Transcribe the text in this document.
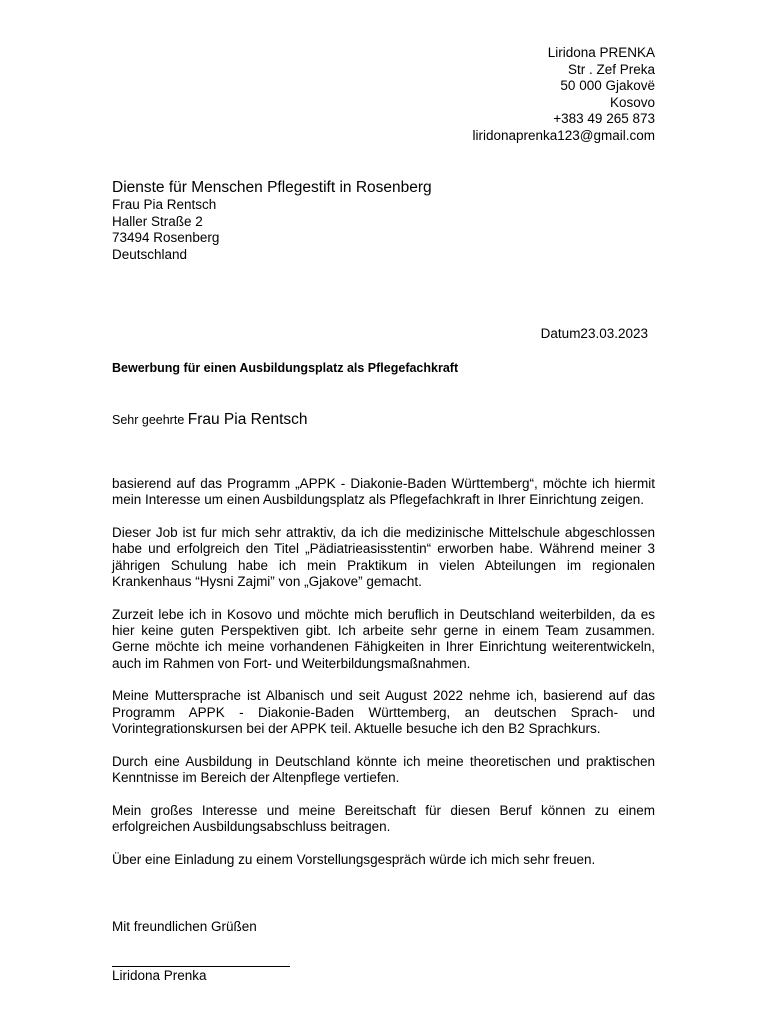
Liridona PRENKA
Str . Zef Preka
50 000 Gjakovë
Kosovo
+383 49 265 873
liridonaprenka123@gmail.com
Dienste für Menschen Pflegestift in Rosenberg
Frau Pia Rentsch
Haller Straße 2
73494 Rosenberg
Deutschland
Datum23.03.2023
Bewerbung für einen Ausbildungsplatz als Pflegefachkraft
Sehr geehrte Frau Pia Rentsch

basierend auf das Programm „APPK - Diakonie-Baden Württemberg“, möchte ich hiermit mein Interesse um einen Ausbildungsplatz als Pflegefachkraft in Ihrer Einrichtung zeigen.

Dieser Job ist fur mich sehr attraktiv, da ich die medizinische Mittelschule abgeschlossen habe und erfolgreich den Titel „Pädiatrieasisstentin“ erworben habe. Während meiner 3 jährigen Schulung habe ich mein Praktikum in vielen Abteilungen im regionalen Krankenhaus “Hysni Zajmi” von „Gjakove” gemacht.

Zurzeit lebe ich in Kosovo und möchte mich beruflich in Deutschland weiterbilden, da es hier keine guten Perspektiven gibt. Ich arbeite sehr gerne in einem Team zusammen. Gerne möchte ich meine vorhandenen Fähigkeiten in Ihrer Einrichtung weiterentwickeln, auch im Rahmen von Fort- und Weiterbildungsmaßnahmen.

Meine Muttersprache ist Albanisch und seit August 2022 nehme ich, basierend auf das Programm APPK - Diakonie-Baden Württemberg, an deutschen Sprach- und Vorintegrationskursen bei der APPK teil. Aktuelle besuche ich den B2 Sprachkurs.

Durch eine Ausbildung in Deutschland könnte ich meine theoretischen und praktischen Kenntnisse im Bereich der Altenpflege vertiefen.

Mein großes Interesse und meine Bereitschaft für diesen Beruf können zu einem erfolgreichen Ausbildungsabschluss beitragen.

Über eine Einladung zu einem Vorstellungsgespräch würde ich mich sehr freuen.

Mit freundlichen Grüßen
Liridona Prenka
